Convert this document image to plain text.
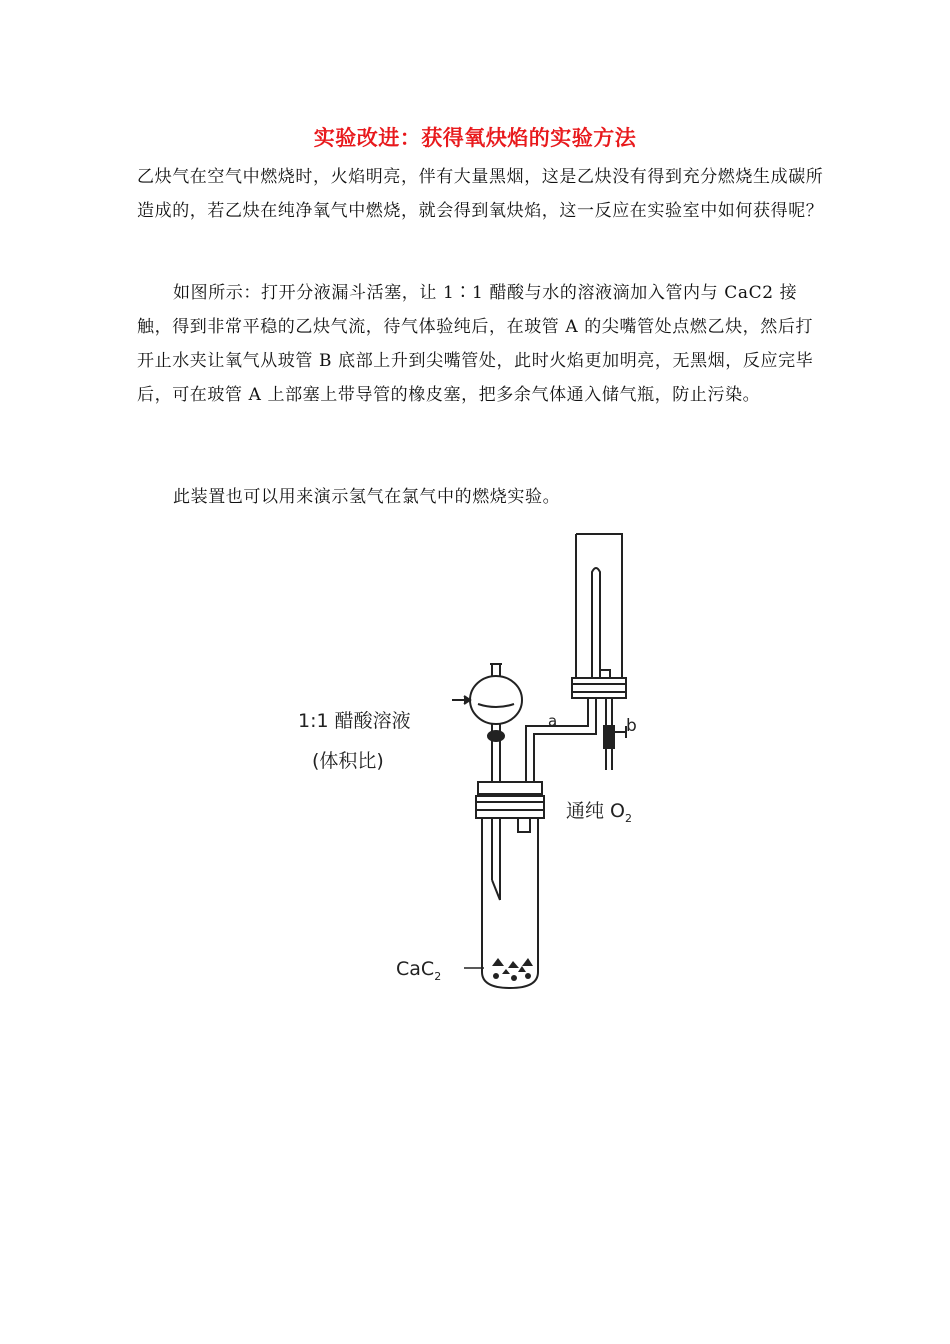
实验改进：获得氧炔焰的实验方法
乙炔气在空气中燃烧时，火焰明亮，伴有大量黑烟，这是乙炔没有得到充分燃烧生成碳所造成的，若乙炔在纯净氧气中燃烧，就会得到氧炔焰，这一反应在实验室中如何获得呢？
如图所示：打开分液漏斗活塞，让 1∶1 醋酸与水的溶液滴加入管内与 CaC2 接触，得到非常平稳的乙炔气流，待气体验纯后，在玻管 A 的尖嘴管处点燃乙炔，然后打开止水夹让氧气从玻管 B 底部上升到尖嘴管处，此时火焰更加明亮，无黑烟，反应完毕后，可在玻管 A 上部塞上带导管的橡皮塞，把多余气体通入储气瓶，防止污染。
此装置也可以用来演示氢气在氯气中的燃烧实验。
1:1 醋酸溶液
(体积比)
a	b
通纯 $O_2$
CaC$_2$
